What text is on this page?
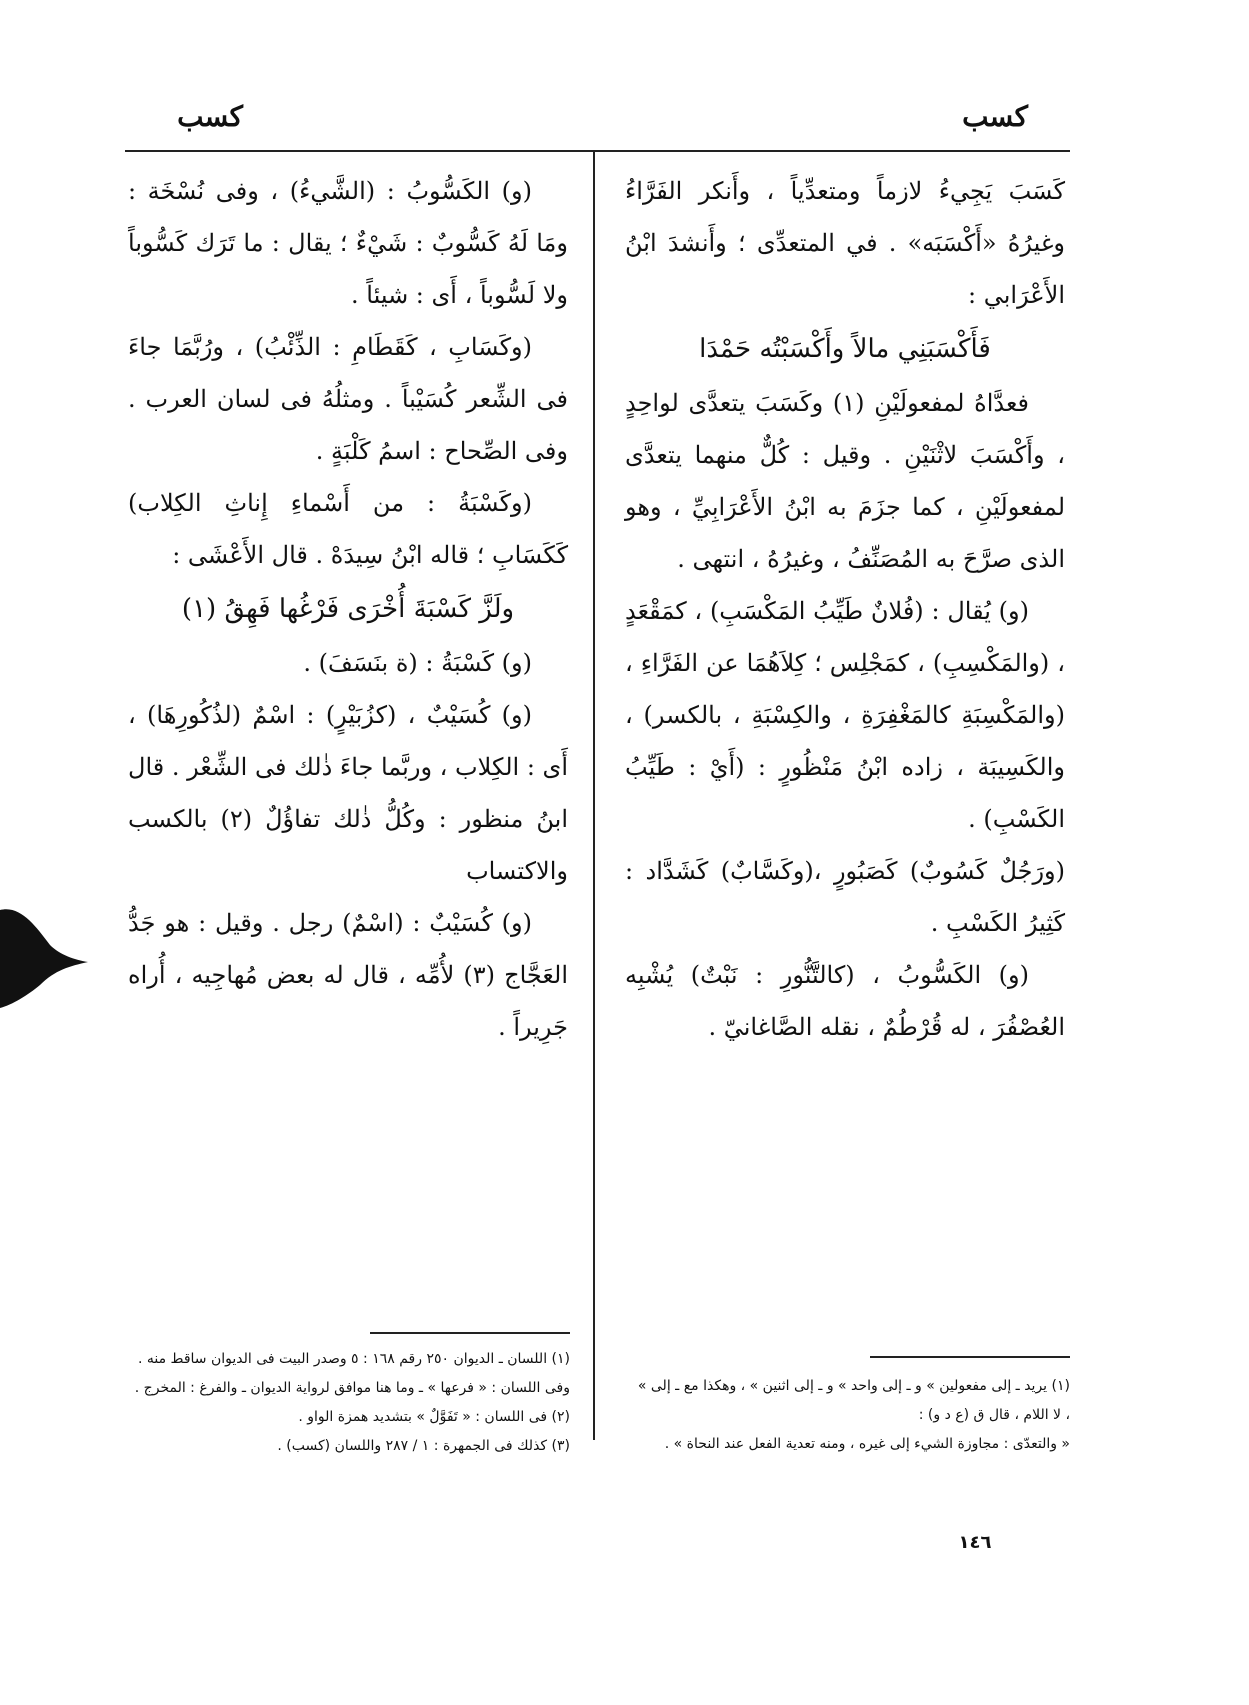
كسب
كسب

كَسَبَ يَجِيءُ لازماً ومتعدِّياً ، وأَنكر الفَرَّاءُ وغيرُهُ «أَكْسَبَه» . في المتعدِّى ؛ وأَنشدَ ابْنُ الأَعْرَابي :

فَأَكْسَبَنِي مالاً وأَكْسَبْتُه حَمْدَا

فعدَّاهُ لمفعولَيْنِ (١) وكَسَبَ يتعدَّى لواحِدٍ ، وأَكْسَبَ لاثْنَيْنِ . وقيل : كُلٌّ منهما يتعدَّى لمفعولَيْنِ ، كما جزَمَ به ابْنُ الأَعْرَابِيِّ ، وهو الذى صرَّحَ به المُصَنِّفُ ، وغيرُهُ ، انتهى .

(و) يُقال : (فُلانٌ طَيِّبُ المَكْسَبِ) ، كمَقْعَدٍ ، (والمَكْسِبِ) ، كمَجْلِس ؛ كِلاَهُمَا عن الفَرَّاءِ ، (والمَكْسِبَةِ كالمَغْفِرَةِ ، والكِسْبَةِ ، بالكسر) ، والكَسِيبَة ، زاده ابْنُ مَنْظُورٍ : (أَيْ : طَيِّبُ الكَسْبِ) .

(ورَجُلٌ كَسُوبٌ) كَصَبُورٍ ،(وكَسَّابٌ) كَشَدَّاد : كَثِيرُ الكَسْبِ .

(و) الكَسُّوبُ ، (كالتَّنُّورِ : نَبْتٌ) يُشْبِه العُصْفُرَ ، له قُرْطُمٌ ، نقله الصَّاغانيّ .

(و) الكَسُّوبُ : (الشَّيءُ) ، وفى نُسْخَة : ومَا لَهُ كَسُّوبٌ : شَيْءٌ ؛ يقال : ما تَرَك كَسُّوباً ولا لَسُّوباً ، أَى : شيئاً .

(وكَسَابِ ، كَقَطَامِ : الذِّئْبُ) ، ورُبَّمَا جاءَ فى الشِّعر كُسَيْباً . ومثلُهُ فى لسان العرب . وفى الصِّحاح : اسمُ كَلْبَةٍ .

(وكَسْبَةُ : من أَسْماءِ إِناثِ الكِلاب) كَكَسَابِ ؛ قاله ابْنُ سِيدَهْ . قال الأَعْشَى :

ولَزَّ كَسْبَةَ أُخْرَى فَرْغُها فَهِقُ (١)

(و) كَسْبَةُ : (ة بنَسَفَ) .

(و) كُسَيْبٌ ، (كزُبَيْرٍ) : اسْمٌ (لذُكُورِهَا) ، أَى : الكِلاب ، وربَّما جاءَ ذٰلك فى الشِّعْر . قال ابنُ منظور : وكُلُّ ذٰلك تفاؤُلٌ (٢) بالكسب والاكتساب

(و) كُسَيْبٌ : (اسْمٌ) رجل . وقيل : هو جَدُّ العَجَّاج (٣) لأُمِّه ، قال له بعض مُهاجِيه ، أُراه جَرِيراً .

(١) يريد ـ إلى مفعولين » و ـ إلى واحد » و ـ إلى اثنين » ، وهكذا مع ـ إلى » ، لا اللام ، قال ق (ع د و) :

« والتعدّى : مجاوزة الشيء إلى غيره ، ومنه تعدية الفعل عند النحاة » .

(١) اللسان ـ الديوان ٢٥٠ رقم ١٦٨ : ٥ وصدر البيت فى الديوان ساقط منه . وفى اللسان : « فرعها » ـ وما هنا موافق لرواية الديوان ـ والفرغ : المخرج .

(٢) فى اللسان : « تَفَوَّلٌ » بتشديد همزة الواو .

(٣) كذلك فى الجمهرة : ١ / ٢٨٧ واللسان (كسب) .

١٤٦
